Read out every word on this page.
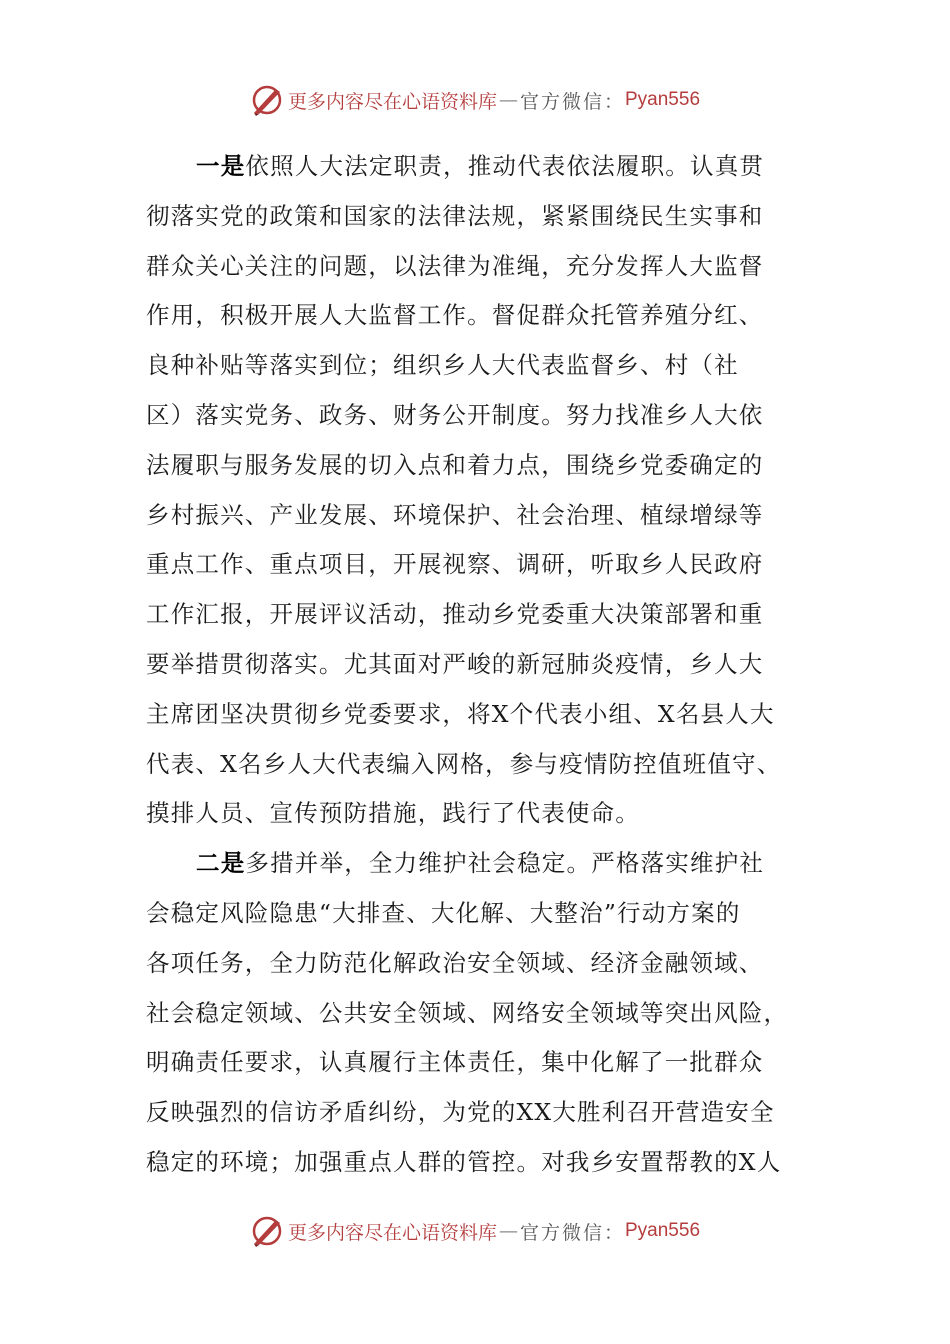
更多内容尽在心语资料库 — 官方微信： Pyan556
一是依照人大法定职责，推动代表依法履职。认真贯
彻落实党的政策和国家的法律法规，紧紧围绕民生实事和
群众关心关注的问题，以法律为准绳，充分发挥人大监督
作用，积极开展人大监督工作。督促群众托管养殖分红、
良种补贴等落实到位；组织乡人大代表监督乡、村（社
区）落实党务、政务、财务公开制度。努力找准乡人大依
法履职与服务发展的切入点和着力点，围绕乡党委确定的
乡村振兴、产业发展、环境保护、社会治理、植绿增绿等
重点工作、重点项目，开展视察、调研，听取乡人民政府
工作汇报，开展评议活动，推动乡党委重大决策部署和重
要举措贯彻落实。尤其面对严峻的新冠肺炎疫情，乡人大
主席团坚决贯彻乡党委要求，将X个代表小组、X名县人大
代表、X名乡人大代表编入网格，参与疫情防控值班值守、
摸排人员、宣传预防措施，践行了代表使命。
二是多措并举，全力维护社会稳定。严格落实维护社
会稳定风险隐患“大排查、大化解、大整治”行动方案的
各项任务，全力防范化解政治安全领域、经济金融领域、
社会稳定领域、公共安全领域、网络安全领域等突出风险，
明确责任要求，认真履行主体责任，集中化解了一批群众
反映强烈的信访矛盾纠纷，为党的XX大胜利召开营造安全
稳定的环境；加强重点人群的管控。对我乡安置帮教的X人
更多内容尽在心语资料库 — 官方微信： Pyan556
